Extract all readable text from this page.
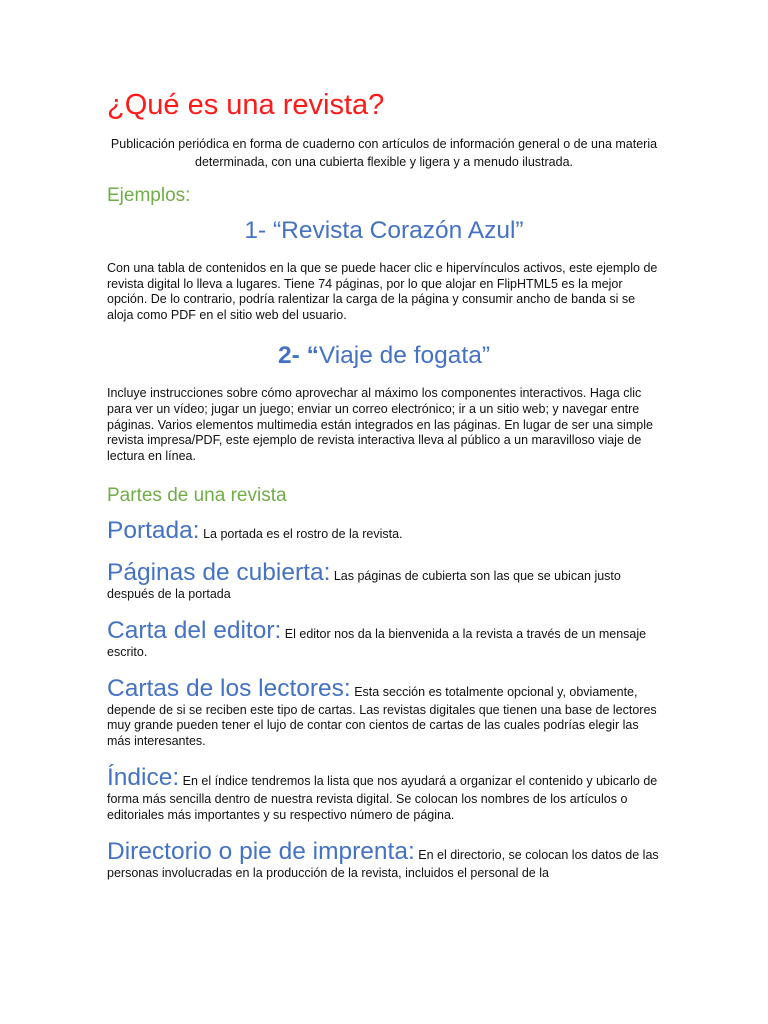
¿Qué es una revista?

Publicación periódica en forma de cuaderno con artículos de información general o de una materia determinada, con una cubierta flexible y ligera y a menudo ilustrada.

Ejemplos:
1- “Revista Corazón Azul”

Con una tabla de contenidos en la que se puede hacer clic e hipervínculos activos, este ejemplo de revista digital lo lleva a lugares. Tiene 74 páginas, por lo que alojar en FlipHTML5 es la mejor opción. De lo contrario, podría ralentizar la carga de la página y consumir ancho de banda si se aloja como PDF en el sitio web del usuario.

2- “Viaje de fogata”

Incluye instrucciones sobre cómo aprovechar al máximo los componentes interactivos. Haga clic para ver un vídeo; jugar un juego; enviar un correo electrónico; ir a un sitio web; y navegar entre páginas. Varios elementos multimedia están integrados en las páginas. En lugar de ser una simple revista impresa/PDF, este ejemplo de revista interactiva lleva al público a un maravilloso viaje de lectura en línea.

Partes de una revista
Portada: La portada es el rostro de la revista.
Páginas de cubierta: Las páginas de cubierta son las que se ubican justo después de la portada
Carta del editor: El editor nos da la bienvenida a la revista a través de un mensaje escrito.
Cartas de los lectores: Esta sección es totalmente opcional y, obviamente, depende de si se reciben este tipo de cartas. Las revistas digitales que tienen una base de lectores muy grande pueden tener el lujo de contar con cientos de cartas de las cuales podrías elegir las más interesantes.
Índice: En el índice tendremos la lista que nos ayudará a organizar el contenido y ubicarlo de forma más sencilla dentro de nuestra revista digital. Se colocan los nombres de los artículos o editoriales más importantes y su respectivo número de página.
Directorio o pie de imprenta: En el directorio, se colocan los datos de las personas involucradas en la producción de la revista, incluidos el personal de la
